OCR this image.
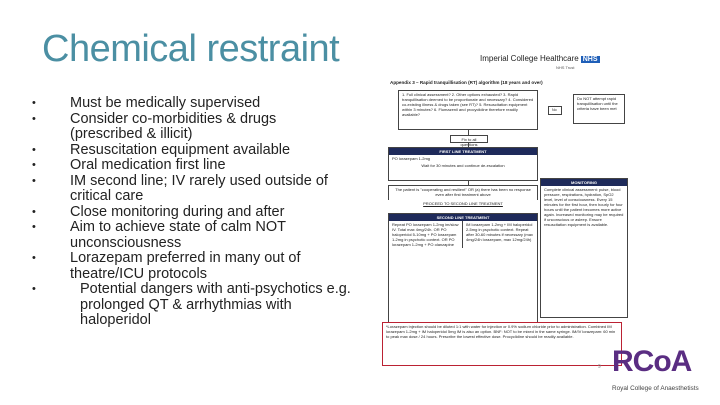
Chemical restraint
•	Must be medically supervised
•	Consider co-morbidities & drugs (prescribed & illicit)
•	Resuscitation equipment available
•	Oral medication first line
•	IM second line; IV rarely used outside of critical care
•	Close monitoring during and after
•	Aim to achieve state of calm NOT unconsciousness
•	Lorazepam preferred in many out of theatre/ICU protocols
•	Potential dangers with anti-psychotics e.g. prolonged QT & arrhythmias with haloperidol
Imperial College Healthcare NHS
NHS Trust
Appendix 3 – Rapid tranquillisation (RT) algorithm (18 years and over)
1. Full clinical assessment? 2. Other options exhausted? 3. Rapid tranquillisation deemed to be proportionate and necessary? 4. Considered co-existing illness & drugs taken (see RT)? 5. Resuscitation equipment within 3 minutes? 6. Flumazenil and procyclidine therefore readily available?
No
Do NOT attempt rapid tranquillisation until the criteria have been met
Fix to all questions
FIRST LINE TREATMENT
PO lorazepam 1-2mg
Wait for 30 minutes and continue de-escalation
The patient is "cooperating and resilient" OR (a) there has been no response even after first treatment above
PROCEED TO SECOND LINE TREATMENT
SECOND LINE TREATMENT
Repeat PO lorazepam 1-2mg im/slow IV. Total max 4mg/24h. OR PO haloperidol 5-10mg + PO lorazepam 1-2mg in psychotic context. OR PO lorazepam 1-2mg + PO olanzapine
IM lorazepam 1-2mg + IM haloperidol 2-5mg in psychotic context. Repeat after 30-60 minutes if necessary (max 4mg/24h lorazepam, max 12mg/24h)
MONITORING
Complete clinical assessment: pulse, blood pressure, respirations, hydration, SpO2 level, level of consciousness. Every 15 minutes for the first hour, then hourly for four hours until the patient becomes more active again. Increased monitoring may be required if unconscious or asleep. Ensure resuscitation equipment is available.
*Lorazepam injection should be diluted 1:1 with water for injection or 0.9% sodium chloride prior to administration. Combined IM lorazepam 1-2mg + IM haloperidol 5mg IM is also an option. BNF: NOT to be mixed in the same syringe. IM/IV lorazepam: 60 min to peak max dose / 24 hours. Prescribe the lowest effective dose. Procyclidine should be readily available.
9 RCoA
Royal College of Anaesthetists
